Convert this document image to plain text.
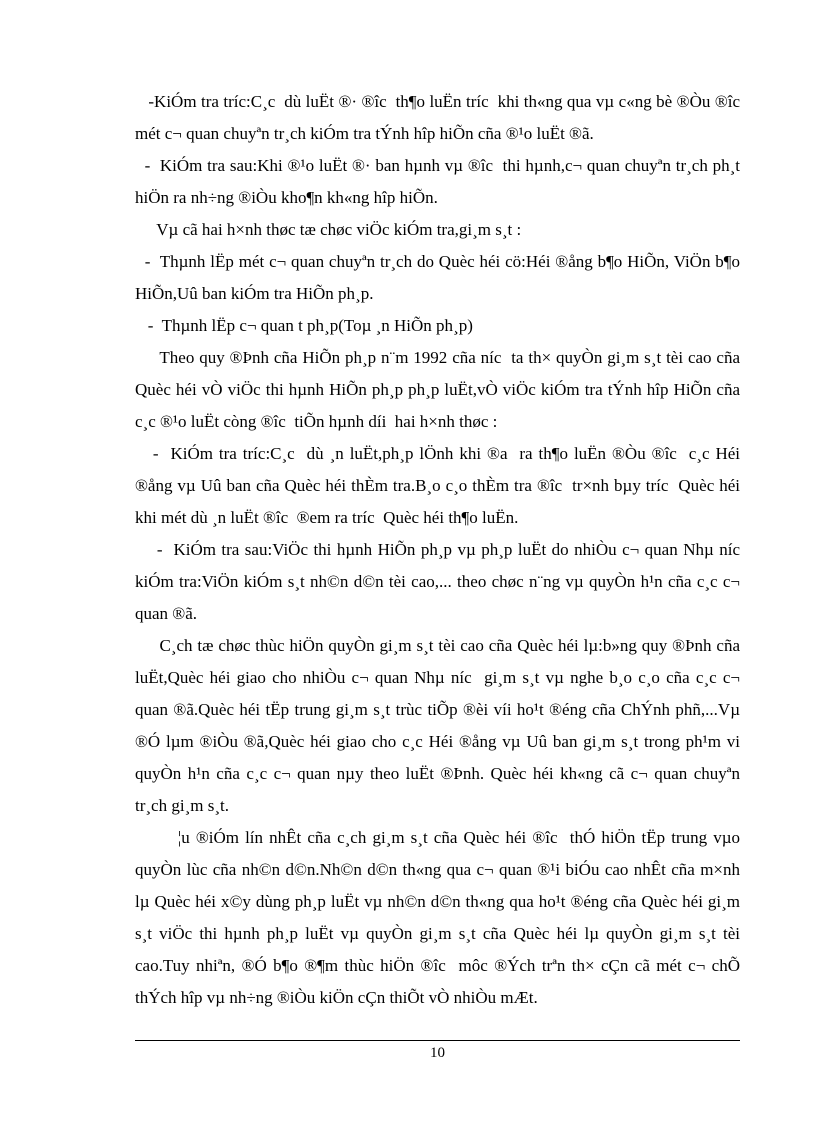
-KiÓm tra tríc:C¸c  dù luËt ®· ®îc  th¶o luËn tríc  khi th«ng qua vµ c«ng bè ®Òu ®îc  mét c¬ quan chuyªn tr¸ch kiÓm tra tÝnh hîp hiÕn cña ®¹o luËt ®ã.

-  KiÓm tra sau:Khi ®¹o luËt ®· ban hµnh vµ ®îc  thi hµnh,c¬ quan chuyªn tr¸ch ph¸t hiÖn ra nh÷ng ®iÒu kho¶n kh«ng hîp hiÕn.

Vµ cã hai h×nh thøc tæ chøc viÖc kiÓm tra,gi¸m s¸t :

-  Thµnh lËp mét c¬ quan chuyªn tr¸ch do Quèc héi cö:Héi ®ång b¶o HiÕn, ViÖn b¶o HiÕn,Uû ban kiÓm tra HiÕn ph¸p.

-  Thµnh lËp c¬ quan t ph¸p(Toµ ¸n HiÕn ph¸p)

Theo quy ®Þnh cña HiÕn ph¸p n¨m 1992 cña níc  ta th× quyÒn gi¸m s¸t tèi cao cña Quèc héi vÒ viÖc thi hµnh HiÕn ph¸p ph¸p luËt,vÒ viÖc kiÓm tra tÝnh hîp HiÕn cña c¸c ®¹o luËt còng ®îc  tiÕn hµnh díi  hai h×nh thøc :

-  KiÓm tra tríc:C¸c  dù ¸n luËt,ph¸p lÖnh khi ®a  ra th¶o luËn ®Òu ®îc  c¸c Héi ®ång vµ Uû ban cña Quèc héi thÈm tra.B¸o c¸o thÈm tra ®îc  tr×nh bµy tríc  Quèc héi khi mét dù ¸n luËt ®îc  ®em ra tríc  Quèc héi th¶o luËn.

-  KiÓm tra sau:ViÖc thi hµnh HiÕn ph¸p vµ ph¸p luËt do nhiÒu c¬ quan Nhµ níc  kiÓm tra:ViÖn kiÓm s¸t nh©n d©n tèi cao,... theo chøc n¨ng vµ quyÒn h¹n cña c¸c c¬ quan ®ã.

C¸ch tæ chøc thùc hiÖn quyÒn gi¸m s¸t tèi cao cña Quèc héi lµ:b»ng quy ®Þnh cña luËt,Quèc héi giao cho nhiÒu c¬ quan Nhµ níc  gi¸m s¸t vµ nghe b¸o c¸o cña c¸c c¬ quan ®ã.Quèc héi tËp trung gi¸m s¸t trùc tiÕp ®èi víi ho¹t ®éng cña ChÝnh phñ,...Vµ ®Ó lµm ®iÒu ®ã,Quèc héi giao cho c¸c Héi ®ång vµ Uû ban gi¸m s¸t trong ph¹m vi quyÒn h¹n cña c¸c c¬ quan nµy theo luËt ®Þnh. Quèc héi kh«ng cã c¬ quan chuyªn tr¸ch gi¸m s¸t.

¦u ®iÓm lín nhÊt cña c¸ch gi¸m s¸t cña Quèc héi ®îc  thÓ hiÖn tËp trung vµo quyÒn lùc cña nh©n d©n.Nh©n d©n th«ng qua c¬ quan ®¹i biÓu cao nhÊt cña m×nh lµ Quèc héi x©y dùng ph¸p luËt vµ nh©n d©n th«ng qua ho¹t ®éng cña Quèc héi gi¸m s¸t viÖc thi hµnh ph¸p luËt vµ quyÒn gi¸m s¸t cña Quèc héi lµ quyÒn gi¸m s¸t tèi cao.Tuy nhiªn, ®Ó b¶o ®¶m thùc hiÖn ®îc  môc ®Ých trªn th× cÇn cã mét c¬ chÕ thÝch hîp vµ nh÷ng ®iÒu kiÖn cÇn thiÕt vÒ nhiÒu mÆt.

10
